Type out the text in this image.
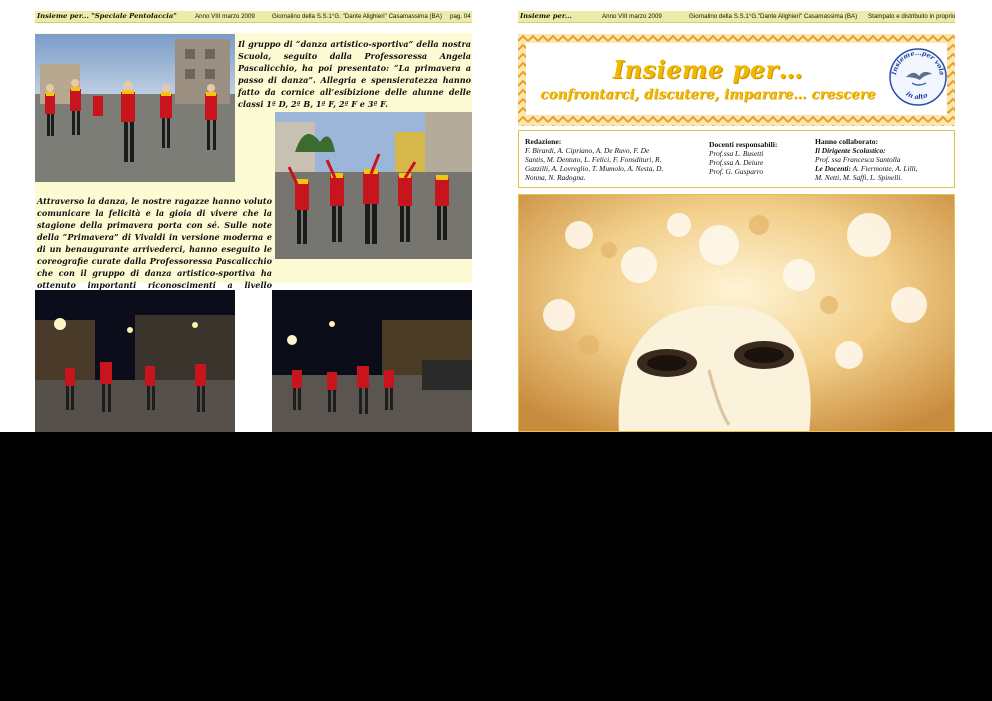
Insieme per... "Speciale Pentolaccia"	Anno VIII marzo 2009	Giornalino della S.S.1°G. "Dante Alighieri" Casamassima (BA) pag. 04
Il gruppo di “danza artistico-sportiva” della nostra Scuola, seguito dalla Professoressa Angela Pascalicchio, ha poi presentato: “La primavera a passo di danza”. Allegria e spensieratezza hanno fatto da cornice all’esibizione delle alunne delle classi 1ª D, 2ª B, 1ª F, 2ª F e 3ª F.
Attraverso la danza, le nostre ragazze hanno voluto comunicare la felicità e la gioia di vivere che la stagione della primavera porta con sé. Sulle note della “Primavera” di Vivaldi in versione moderna e di un benaugurante arrivederci, hanno eseguito le coreografie curate dalla Professoressa Pascalicchio che con il gruppo di danza artistico-sportiva ha ottenuto importanti riconoscimenti a livello
Insieme per...	Anno VIII marzo 2009	Giornalino della S.S.1°G."Dante Alighieri" Casamassima (BA) Stampato e distribuito in proprio
Insieme per…
confrontarci, discutere, imparare… crescere
Insieme...per vola
in alto
Redazione:
F. Birardi, A. Cipriano, A. De Ruvo, F. De
Santis, M. Dentuto, L. Felici, F. Fonsdituri, R.
Gazzilli, A. Lovreglio, T. Mumolo, A. Nesta, D.
Nonna, N. Radogna.
Docenti responsabili:
Prof.ssa L. Busetti
Prof.ssa A. Deiure
Prof. G. Gasparro
Hanno collaborato:
Il Dirigente Scolastico:
Prof. ssa Francesca Santolla
Le Docenti: A. Fiermonte, A. Lilli,
M. Netti, M. Saffi, L. Spinelli.
